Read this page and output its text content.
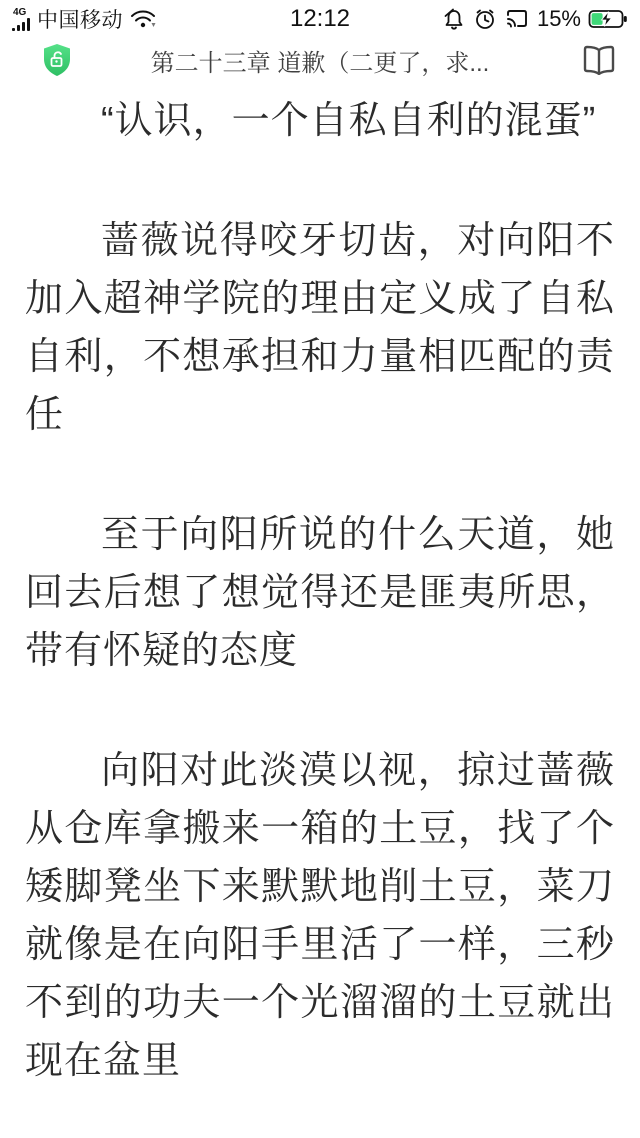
4G 中国移动	12:12	15%
第二十三章 道歉（二更了，求...

“认识，一个自私自利的混蛋”

蔷薇说得咬牙切齿，对向阳不加入超神学院的理由定义成了自私自利，不想承担和力量相匹配的责任

至于向阳所说的什么天道，她回去后想了想觉得还是匪夷所思，带有怀疑的态度

向阳对此淡漠以视，掠过蔷薇从仓库拿搬来一箱的土豆，找了个矮脚凳坐下来默默地削土豆，菜刀就像是在向阳手里活了一样，三秒不到的功夫一个光溜溜的土豆就出现在盆里
